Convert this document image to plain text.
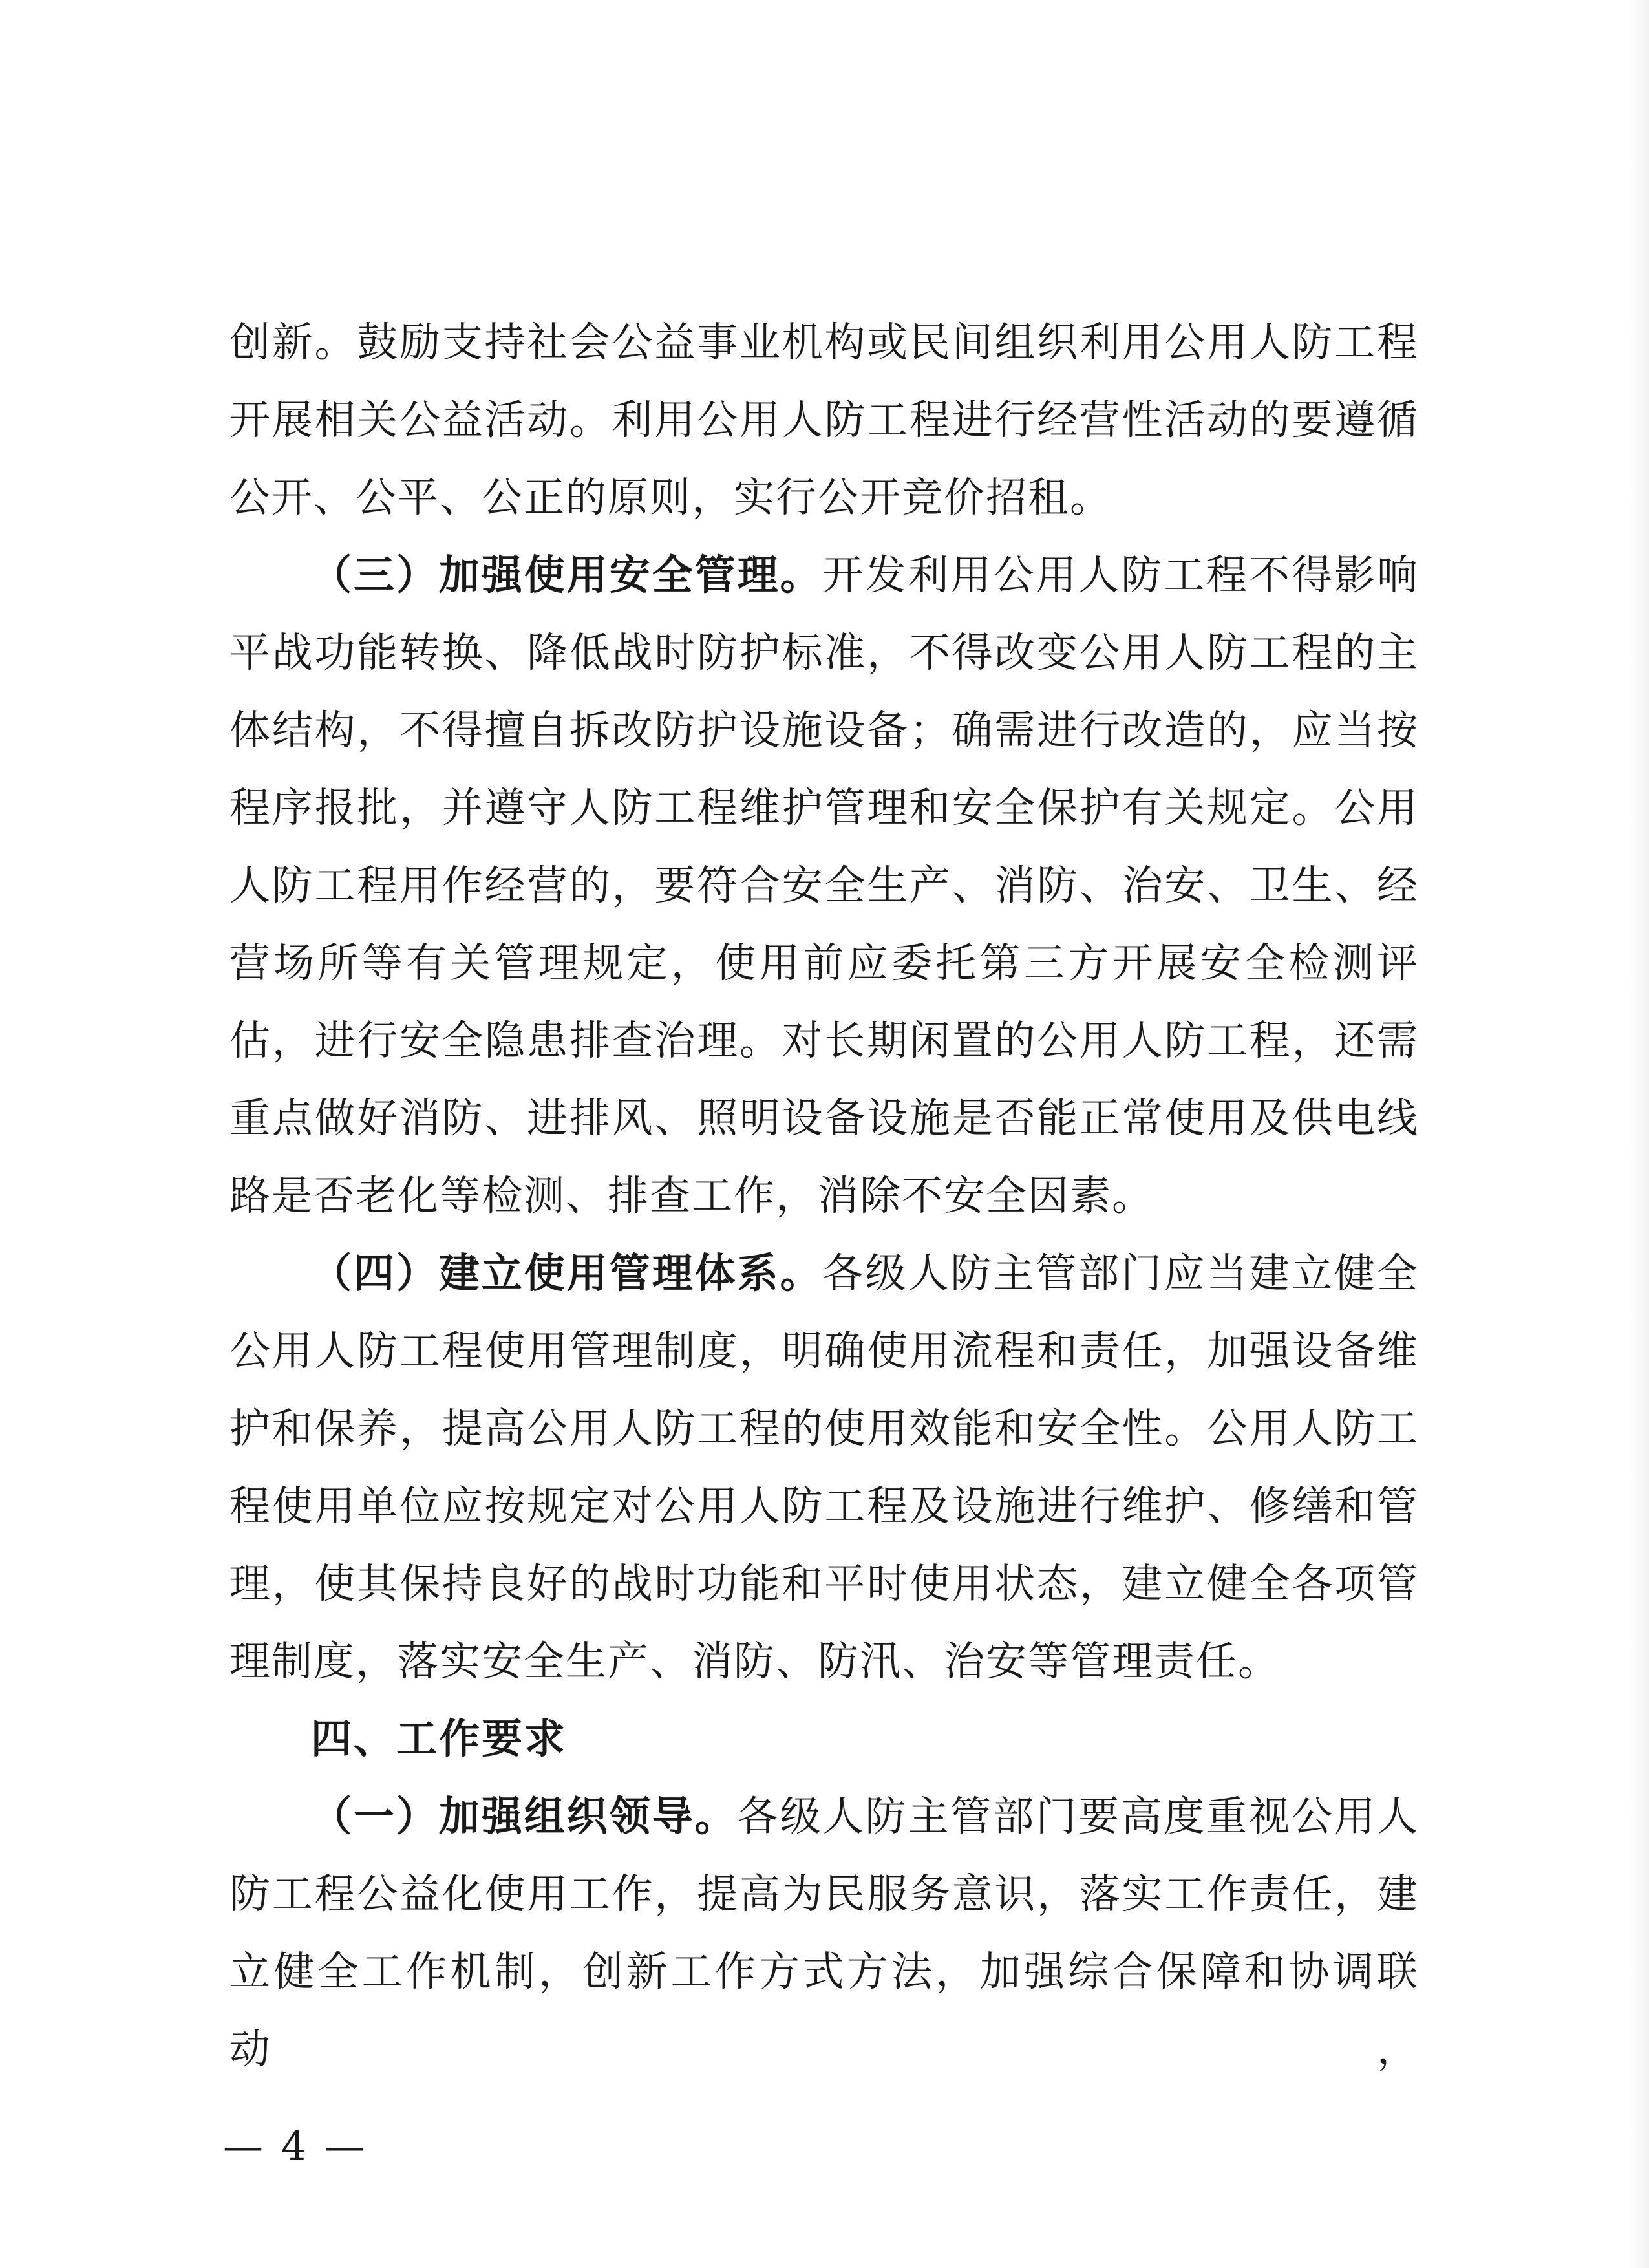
创新。鼓励支持社会公益事业机构或民间组织利用公用人防工程
开展相关公益活动。利用公用人防工程进行经营性活动的要遵循
公开、公平、公正的原则，实行公开竞价招租。

（三）加强使用安全管理。开发利用公用人防工程不得影响
平战功能转换、降低战时防护标准，不得改变公用人防工程的主
体结构，不得擅自拆改防护设施设备；确需进行改造的，应当按
程序报批，并遵守人防工程维护管理和安全保护有关规定。公用
人防工程用作经营的，要符合安全生产、消防、治安、卫生、经
营场所等有关管理规定，使用前应委托第三方开展安全检测评
估，进行安全隐患排查治理。对长期闲置的公用人防工程，还需
重点做好消防、进排风、照明设备设施是否能正常使用及供电线
路是否老化等检测、排查工作，消除不安全因素。

（四）建立使用管理体系。各级人防主管部门应当建立健全
公用人防工程使用管理制度，明确使用流程和责任，加强设备维
护和保养，提高公用人防工程的使用效能和安全性。公用人防工
程使用单位应按规定对公用人防工程及设施进行维护、修缮和管
理，使其保持良好的战时功能和平时使用状态，建立健全各项管
理制度，落实安全生产、消防、防汛、治安等管理责任。

四、工作要求

（一）加强组织领导。各级人防主管部门要高度重视公用人
防工程公益化使用工作，提高为民服务意识，落实工作责任，建
立健全工作机制，创新工作方式方法，加强综合保障和协调联动，

— 4 —
